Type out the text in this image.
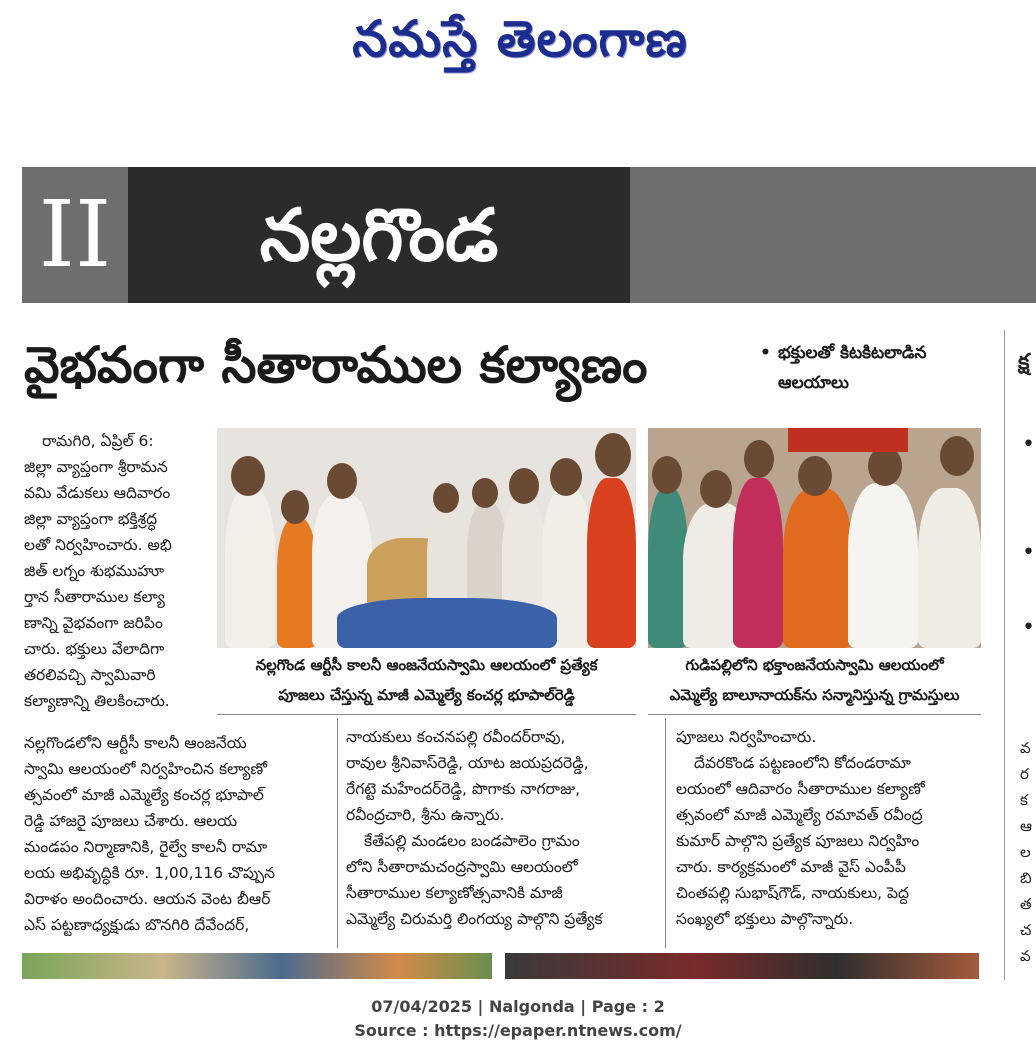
నమస్తే తెలంగాణ
II	నల్లగొండ
వైభవంగా సీతారాముల కల్యాణం	• భక్తులతో కిటకిటలాడిన
ఆలయాలు
క్ష
•
•
•
వ
ర
క
ఆ
ల
బి
త
చ
వ

రామగిరి, ఏప్రిల్ 6:

జిల్లా వ్యాప్తంగా శ్రీరామన

వమి వేడుకలు ఆదివారం

జిల్లా వ్యాప్తంగా భక్తిశ్రద్ధ

లతో నిర్వహించారు. అభి

జిత్ లగ్నం శుభముహూ

ర్తాన సీతారాముల కల్యా

ణాన్ని వైభవంగా జరిపిం

చారు. భక్తులు వేలాదిగా

తరలివచ్చి స్వామివారి

కల్యాణాన్ని తిలకించారు.

నల్లగొండ ఆర్టీసీ కాలనీ ఆంజనేయస్వామి ఆలయంలో ప్రత్యేక
పూజలు చేస్తున్న మాజీ ఎమ్మెల్యే కంచర్ల భూపాల్‌రెడ్డి
గుడిపల్లిలోని భక్తాంజనేయస్వామి ఆలయంలో
ఎమ్మెల్యే బాలూనాయక్‌ను సన్మానిస్తున్న గ్రామస్తులు

నల్లగొండలోని ఆర్టీసీ కాలనీ ఆంజనేయ

స్వామి ఆలయంలో నిర్వహించిన కల్యాణో

త్సవంలో మాజీ ఎమ్మెల్యే కంచర్ల భూపాల్

రెడ్డి హాజరై పూజలు చేశారు. ఆలయ

మండపం నిర్మాణానికి, రైల్వే కాలనీ రామా

లయ అభివృద్ధికి రూ. 1,00,116 చొప్పున

విరాళం అందించారు. ఆయన వెంట బీఆర్

ఎస్ పట్టణాధ్యక్షుడు బొనగిరి దేవేందర్,

నాయకులు కంచనపల్లి రవీందర్‌రావు,

రావుల శ్రీనివాస్‌రెడ్డి, యాట జయప్రదరెడ్డి,

రేగట్టె మహేందర్‌రెడ్డి, పొగాకు నాగరాజు,

రవీంద్రచారి, శ్రీను ఉన్నారు.

కేతేపల్లి మండలం బండపాలెం గ్రామం

లోని సీతారామచంద్రస్వామి ఆలయంలో

సీతారాముల కల్యాణోత్సవానికి మాజీ

ఎమ్మెల్యే చిరుమర్తి లింగయ్య పాల్గొని ప్రత్యేక

పూజలు నిర్వహించారు.

దేవరకొండ పట్టణంలోని కోదండరామా

లయంలో ఆదివారం సీతారాముల కల్యాణో

త్సవంలో మాజీ ఎమ్మెల్యే రమావత్ రవీంద్ర

కుమార్ పాల్గొని ప్రత్యేక పూజలు నిర్వహిం

చారు. కార్యక్రమంలో మాజీ వైస్ ఎంపీపీ

చింతపల్లి సుభాష్‌గౌడ్, నాయకులు, పెద్ద

సంఖ్యలో భక్తులు పాల్గొన్నారు.

07/04/2025 | Nalgonda | Page : 2
Source : https://epaper.ntnews.com/
